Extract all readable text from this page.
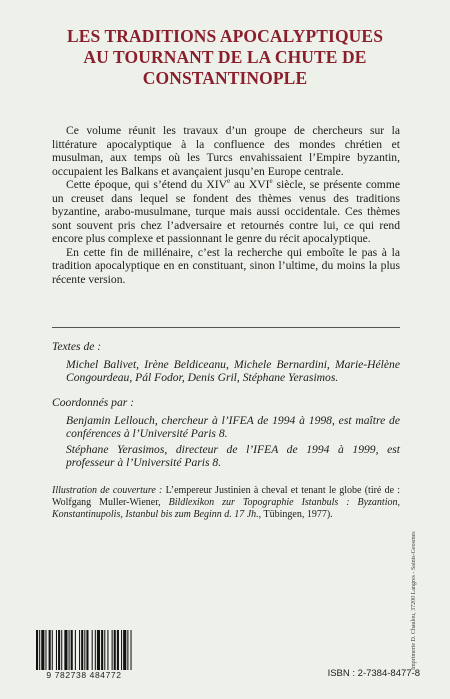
LES TRADITIONS APOCALYPTIQUES
AU TOURNANT DE LA CHUTE DE
CONSTANTINOPLE

Ce volume réunit les travaux d’un groupe de chercheurs sur la littérature apocalyptique à la confluence des mondes chrétien et musulman, aux temps où les Turcs envahissaient l’Empire byzantin, occupaient les Balkans et avançaient jusqu’en Europe centrale.

Cette époque, qui s’étend du XIVe au XVIe siècle, se présente comme un creuset dans lequel se fondent des thèmes venus des traditions byzantine, arabo-musulmane, turque mais aussi occidentale. Ces thèmes sont souvent pris chez l’adversaire et retournés contre lui, ce qui rend encore plus complexe et passionnant le genre du récit apocalyptique.

En cette fin de millénaire, c’est la recherche qui emboîte le pas à la tradition apocalyptique en en constituant, sinon l’ultime, du moins la plus récente version.

Textes de :
Michel Balivet, Irène Beldiceanu, Michele Bernardini, Marie-Hélène Congourdeau, Pál Fodor, Denis Gril, Stéphane Yerasimos.
Coordonnés par :

Benjamin Lellouch, chercheur à l’IFEA de 1994 à 1998, est maître de conférences à l’Université Paris 8.

Stéphane Yerasimos, directeur de l’IFEA de 1994 à 1999, est professeur à l’Université Paris 8.

Illustration de couverture : L’empereur Justinien à cheval et tenant le globe (tiré de : Wolfgang Muller-Wiener, Bildlexikon zur Topographie Istanbuls : Byzantion, Konstantinupolis, Istanbul bis zum Beginn d. 17 Jh., Tübingen, 1977).
Imprimerie D. Chaulou, 37200 Langres - Saints-Geosmes
9 782738 484772	ISBN : 2-7384-8477-8
